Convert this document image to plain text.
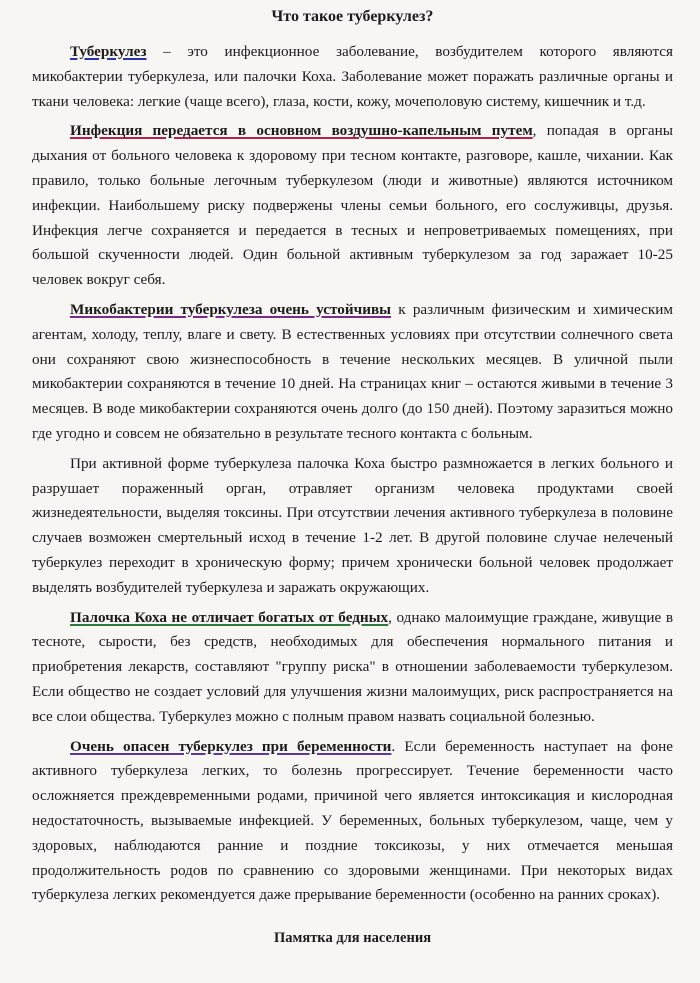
Что такое туберкулез?

Туберкулез – это инфекционное заболевание, возбудителем которого являются микобактерии туберкулеза, или палочки Коха. Заболевание может поражать различные органы и ткани человека: легкие (чаще всего), глаза, кости, кожу, мочеполовую систему, кишечник и т.д.

Инфекция передается в основном воздушно-капельным путем, попадая в органы дыхания от больного человека к здоровому при тесном контакте, разговоре, кашле, чихании. Как правило, только больные легочным туберкулезом (люди и животные) являются источником инфекции. Наибольшему риску подвержены члены семьи больного, его сослуживцы, друзья. Инфекция легче сохраняется и передается в тесных и непроветриваемых помещениях, при большой скученности людей. Один больной активным туберкулезом за год заражает 10-25 человек вокруг себя.

Микобактерии туберкулеза очень устойчивы к различным физическим и химическим агентам, холоду, теплу, влаге и свету. В естественных условиях при отсутствии солнечного света они сохраняют свою жизнеспособность в течение нескольких месяцев. В уличной пыли микобактерии сохраняются в течение 10 дней. На страницах книг – остаются живыми в течение 3 месяцев. В воде микобактерии сохраняются очень долго (до 150 дней). Поэтому заразиться можно где угодно и совсем не обязательно в результате тесного контакта с больным.

При активной форме туберкулеза палочка Коха быстро размножается в легких больного и разрушает пораженный орган, отравляет организм человека продуктами своей жизнедеятельности, выделяя токсины. При отсутствии лечения активного туберкулеза в половине случаев возможен смертельный исход в течение 1-2 лет. В другой половине случае нелеченый туберкулез переходит в хроническую форму; причем хронически больной человек продолжает выделять возбудителей туберкулеза и заражать окружающих.

Палочка Коха не отличает богатых от бедных, однако малоимущие граждане, живущие в тесноте, сырости, без средств, необходимых для обеспечения нормального питания и приобретения лекарств, составляют "группу риска" в отношении заболеваемости туберкулезом. Если общество не создает условий для улучшения жизни малоимущих, риск распространяется на все слои общества. Туберкулез можно с полным правом назвать социальной болезнью.

Очень опасен туберкулез при беременности. Если беременность наступает на фоне активного туберкулеза легких, то болезнь прогрессирует. Течение беременности часто осложняется преждевременными родами, причиной чего является интоксикация и кислородная недостаточность, вызываемые инфекцией. У беременных, больных туберкулезом, чаще, чем у здоровых, наблюдаются ранние и поздние токсикозы, у них отмечается меньшая продолжительность родов по сравнению со здоровыми женщинами. При некоторых видах туберкулеза легких рекомендуется даже прерывание беременности (особенно на ранних сроках).

Памятка для населения
